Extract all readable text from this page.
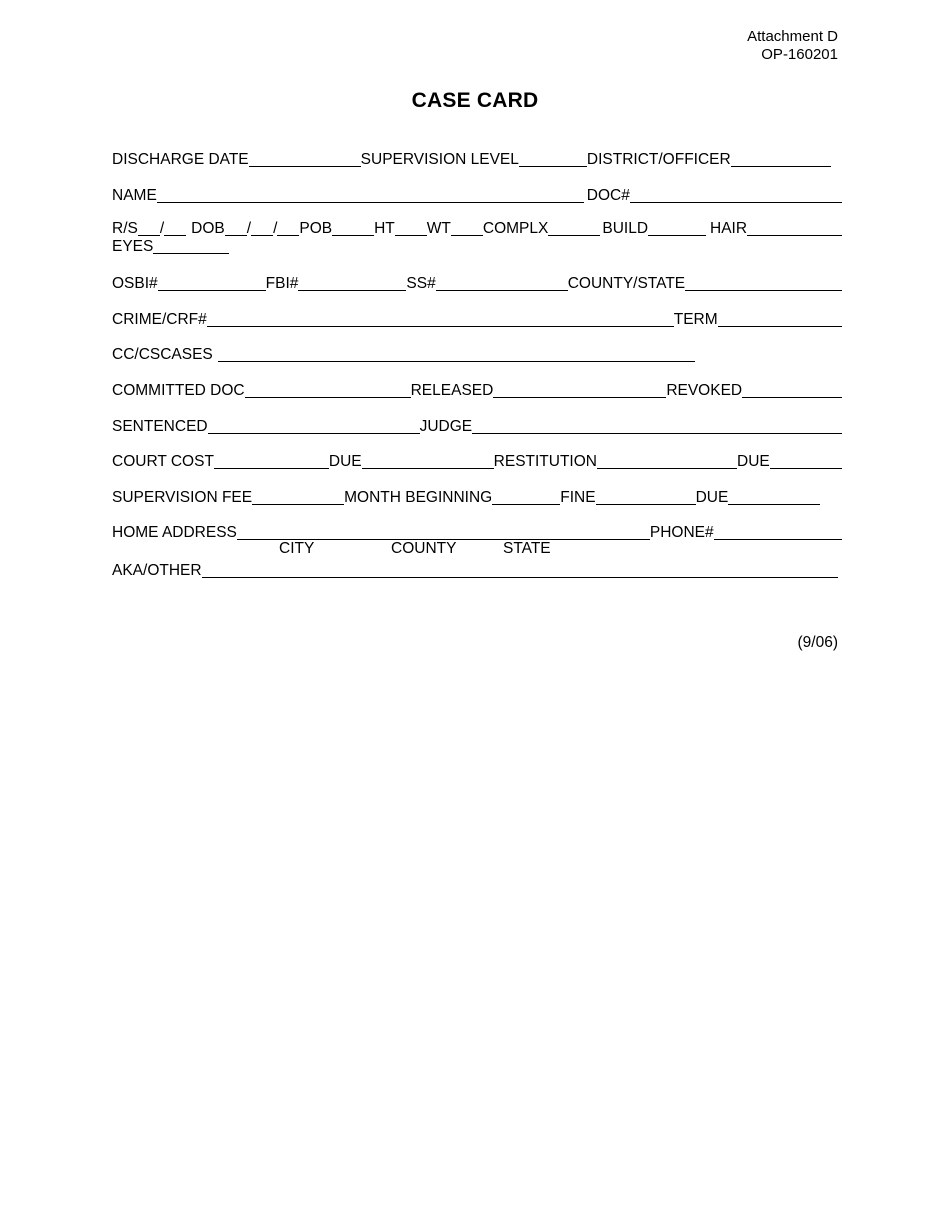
Attachment D
OP-160201
CASE CARD
DISCHARGE DATE	SUPERVISION LEVEL	DISTRICT/OFFICER
NAME	DOC#
R/S / DOB / / POB	HT WT COMPLX	BUILD	HAIR
EYES
OSBI#	FBI#	SS#	COUNTY/STATE
CRIME/CRF#	TERM
CC/CSCASES
COMMITTED DOC	RELEASED	REVOKED
SENTENCED	JUDGE
COURT COST	DUE	RESTITUTION	DUE
SUPERVISION FEE	MONTH BEGINNING	FINE	DUE
HOME ADDRESS	PHONE#
CITY	COUNTY	STATE
AKA/OTHER
(9/06)
